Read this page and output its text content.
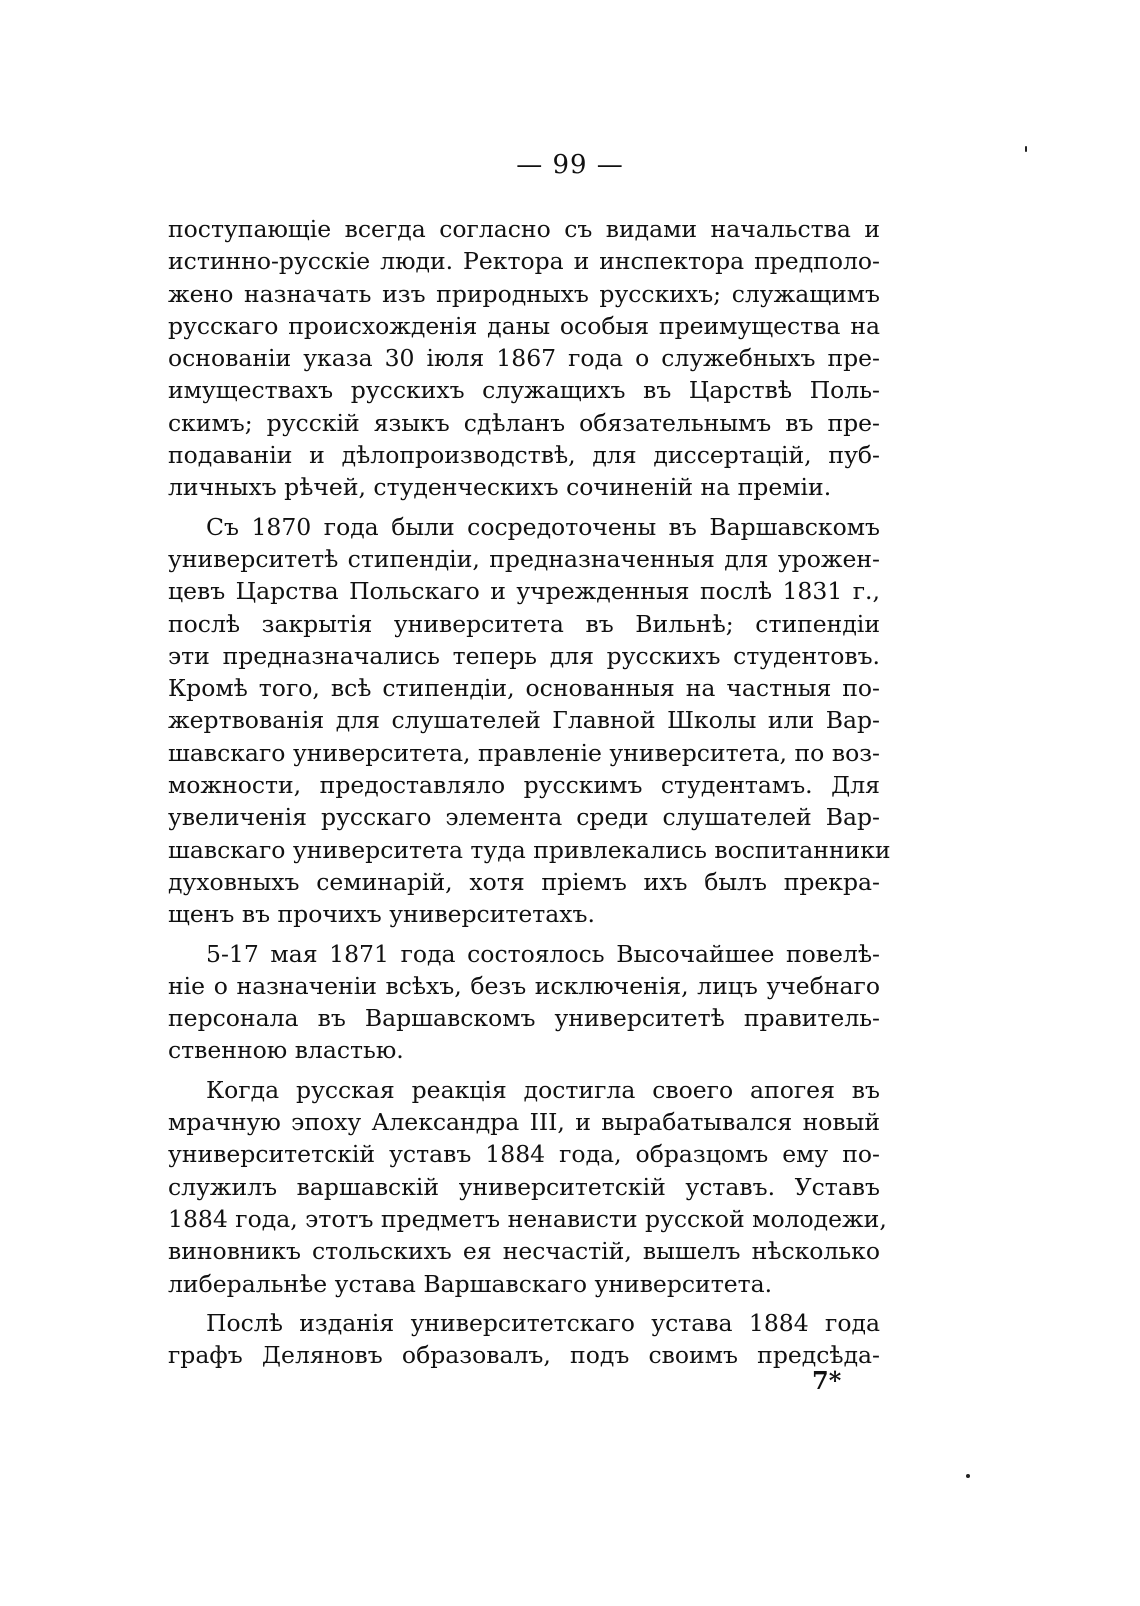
— 99 —
поступающіе всегда согласно съ видами начальства и
истинно-русскіе люди. Ректора и инспектора предполо-
жено назначать изъ природныхъ русскихъ; служащимъ
русскаго происхожденія даны особыя преимущества на
основаніи указа 30 іюля 1867 года о служебныхъ пре-
имуществахъ русскихъ служащихъ въ Царствѣ Поль-
скимъ; русскій языкъ сдѣланъ обязательнымъ въ пре-
подаваніи и дѣлопроизводствѣ, для диссертацій, пуб-
личныхъ рѣчей, студенческихъ сочиненій на преміи.
Съ 1870 года были сосредоточены въ Варшавскомъ
университетѣ стипендіи, предназначенныя для урожен-
цевъ Царства Польскаго и учрежденныя послѣ 1831 г.,
послѣ закрытія университета въ Вильнѣ; стипендіи
эти предназначались теперь для русскихъ студентовъ.
Кромѣ того, всѣ стипендіи, основанныя на частныя по-
жертвованія для слушателей Главной Школы или Вар-
шавскаго университета, правленіе университета, по воз-
можности, предоставляло русскимъ студентамъ. Для
увеличенія русскаго элемента среди слушателей Вар-
шавскаго университета туда привлекались воспитанники
духовныхъ семинарій, хотя пріемъ ихъ былъ прекра-
щенъ въ прочихъ университетахъ.
5-17 мая 1871 года состоялось Высочайшее повелѣ-
ніе о назначеніи всѣхъ, безъ исключенія, лицъ учебнаго
персонала въ Варшавскомъ университетѣ правитель-
ственною властью.
Когда русская реакція достигла своего апогея въ
мрачную эпоху Александра III, и вырабатывался новый
университетскій уставъ 1884 года, образцомъ ему по-
служилъ варшавскій университетскій уставъ. Уставъ
1884 года, этотъ предметъ ненависти русской молодежи,
виновникъ стольскихъ ея несчастій, вышелъ нѣсколько
либеральнѣе устава Варшавскаго университета.
Послѣ изданія университетскаго устава 1884 года
графъ Деляновъ образовалъ, подъ своимъ предсѣда-
7*
